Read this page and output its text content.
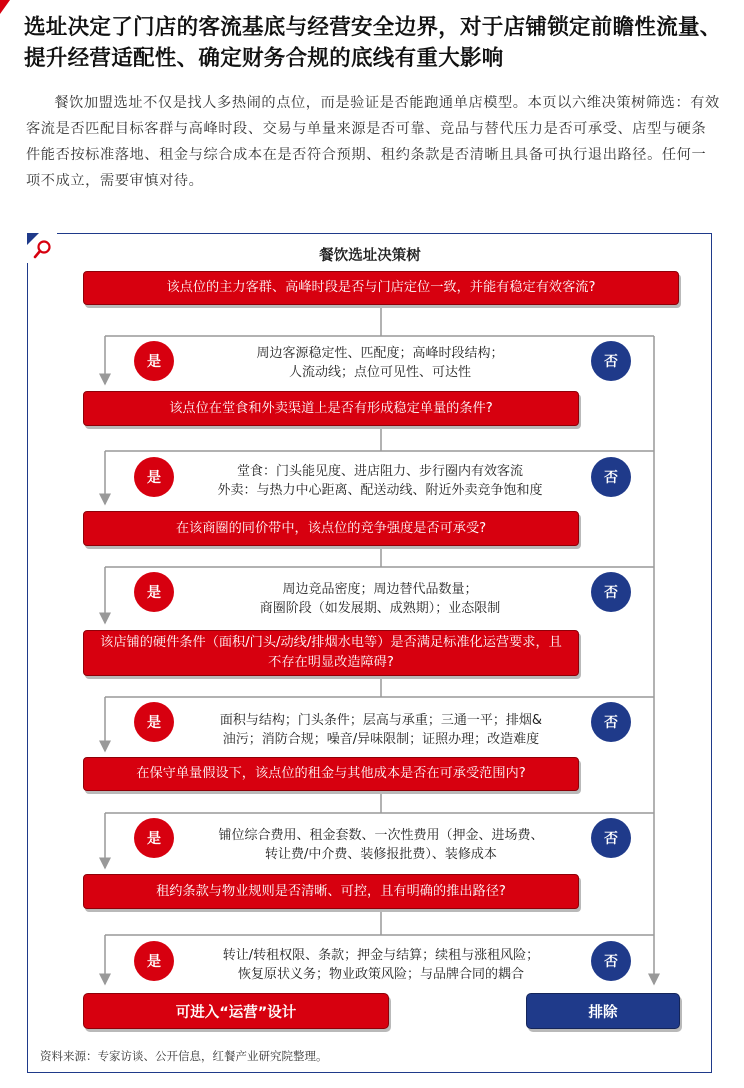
选址决定了门店的客流基底与经营安全边界，对于店铺锁定前瞻性流量、提升经营适配性、确定财务合规的底线有重大影响
餐饮加盟选址不仅是找人多热闹的点位，而是验证是否能跑通单店模型。本页以六维决策树筛选：有效客流是否匹配目标客群与高峰时段、交易与单量来源是否可靠、竞品与替代压力是否可承受、店型与硬条件能否按标准落地、租金与综合成本在是否符合预期、租约条款是否清晰且具备可执行退出路径。任何一项不成立，需要审慎对待。
餐饮选址决策树
该点位的主力客群、高峰时段是否与门店定位一致，并能有稳定有效客流?
该点位在堂食和外卖渠道上是否有形成稳定单量的条件?
在该商圈的同价带中，该点位的竞争强度是否可承受?
该店铺的硬件条件（面积/门头/动线/排烟水电等）是否满足标准化运营要求，且不存在明显改造障碍?
在保守单量假设下，该点位的租金与其他成本是否在可承受范围内?
租约条款与物业规则是否清晰、可控，且有明确的推出路径?
是
是
是
是
是
是
否
否
否
否
否
否
周边客源稳定性、匹配度；高峰时段结构；
人流动线；点位可见性、可达性
堂食：门头能见度、进店阻力、步行圈内有效客流
外卖：与热力中心距离、配送动线、附近外卖竞争饱和度
周边竞品密度；周边替代品数量；
商圈阶段（如发展期、成熟期）；业态限制
面积与结构；门头条件；层高与承重；三通一平；排烟&
油污；消防合规；噪音/异味限制；证照办理；改造难度
铺位综合费用、租金套数、一次性费用（押金、进场费、
转让费/中介费、装修报批费）、装修成本
转让/转租权限、条款；押金与结算；续租与涨租风险；
恢复原状义务；物业政策风险；与品牌合同的耦合
可进入“运营”设计	排除
资料来源：专家访谈、公开信息，红餐产业研究院整理。
